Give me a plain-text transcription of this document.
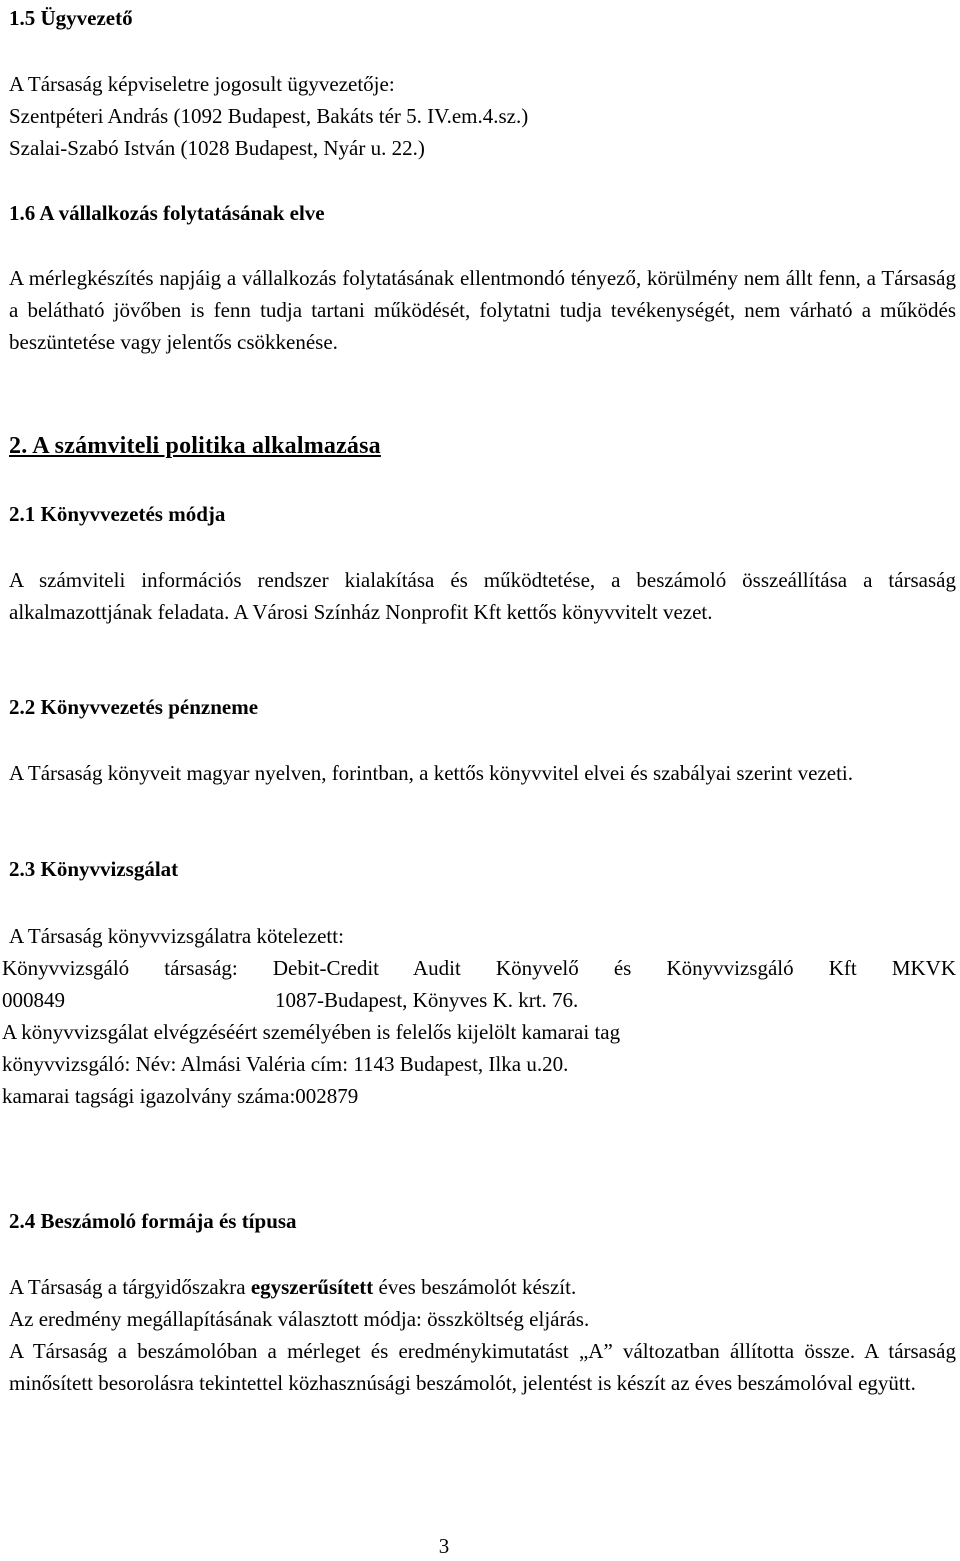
1.5 Ügyvezető

A Társaság képviseletre jogosult ügyvezetője:
Szentpéteri András (1092 Budapest, Bakáts tér 5. IV.em.4.sz.)
Szalai-Szabó István (1028 Budapest, Nyár u. 22.)

1.6 A vállalkozás folytatásának elve

A mérlegkészítés napjáig a vállalkozás folytatásának ellentmondó tényező, körülmény nem állt fenn, a Társaság a belátható jövőben is fenn tudja tartani működését, folytatni tudja tevékenységét, nem várható a működés beszüntetése vagy jelentős csökkenése.

2. A számviteli politika alkalmazása

2.1 Könyvvezetés módja

A számviteli információs rendszer kialakítása és működtetése, a beszámoló összeállítása a társaság alkalmazottjának feladata. A Városi Színház Nonprofit Kft kettős könyvvitelt vezet.

2.2 Könyvvezetés pénzneme

A Társaság könyveit magyar nyelven, forintban, a kettős könyvvitel elvei és szabályai szerint vezeti.

2.3 Könyvvizsgálat

A Társaság könyvvizsgálatra kötelezett:
Könyvvizsgáló társaság: Debit-Credit Audit Könyvelő és Könyvvizsgáló Kft MKVK
000849	1087-Budapest, Könyves K. krt. 76.
A könyvvizsgálat elvégzéséért személyében is felelős kijelölt kamarai tag
könyvvizsgáló: Név: Almási Valéria cím: 1143 Budapest, Ilka u.20.
kamarai tagsági igazolvány száma:002879

2.4 Beszámoló formája és típusa

A Társaság a tárgyidőszakra egyszerűsített éves beszámolót készít.
Az eredmény megállapításának választott módja: összköltség eljárás.
A Társaság a beszámolóban a mérleget és eredménykimutatást „A” változatban állította össze. A társaság minősített besorolásra tekintettel közhasznúsági beszámolót, jelentést is készít az éves beszámolóval együtt.
3
